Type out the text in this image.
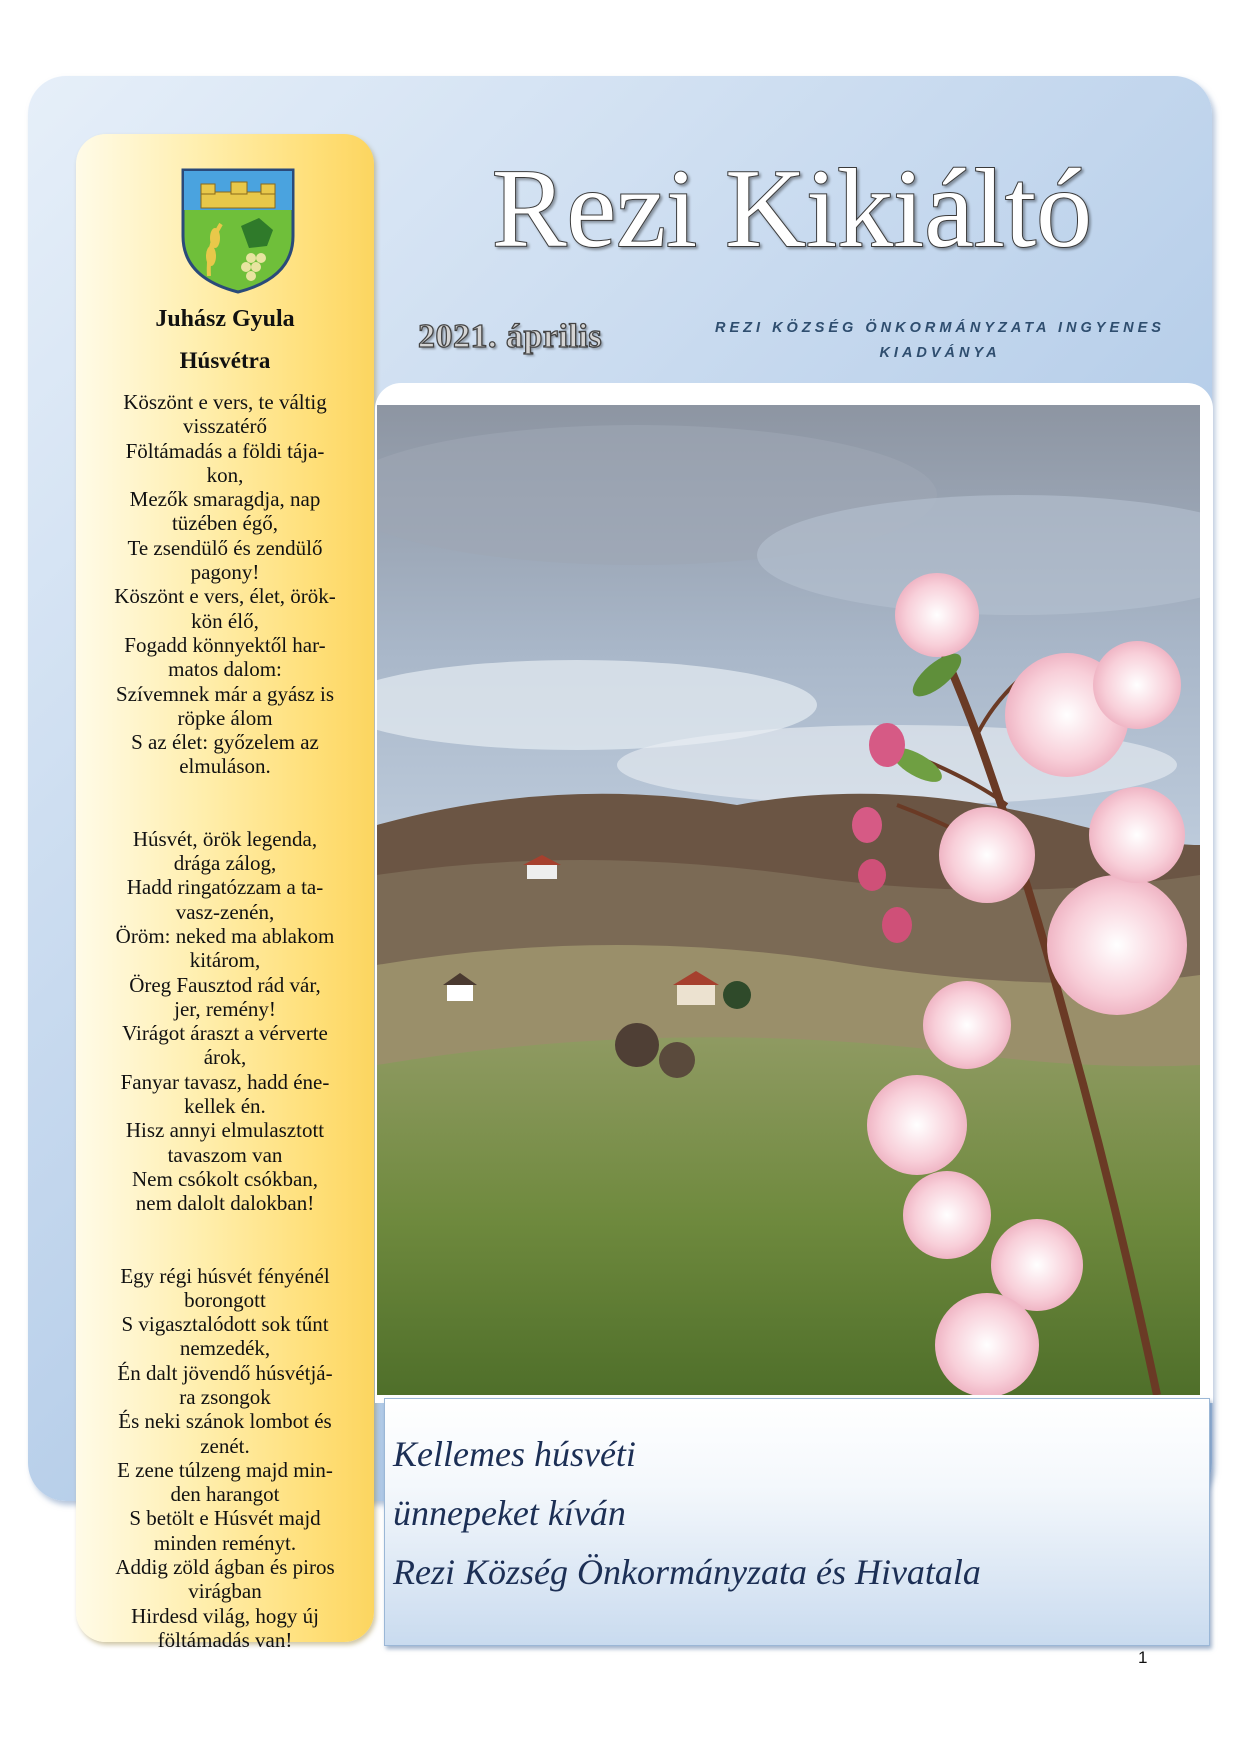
Juhász Gyula
Húsvétra
Köszönt e vers, te váltig
visszatérő
Föltámadás a földi tája-
kon,
Mezők smaragdja, nap
tüzében égő,
Te zsendülő és zendülő
pagony!
Köszönt e vers, élet, örök-
kön élő,
Fogadd könnyektől har-
matos dalom:
Szívemnek már a gyász is
röpke álom
S az élet: győzelem az
elmuláson.
Húsvét, örök legenda,
drága zálog,
Hadd ringatózzam a ta-
vasz-zenén,
Öröm: neked ma ablakom
kitárom,
Öreg Fausztod rád vár,
jer, remény!
Virágot áraszt a vérverte
árok,
Fanyar tavasz, hadd éne-
kellek én.
Hisz annyi elmulasztott
tavaszom van
Nem csókolt csókban,
nem dalolt dalokban!
Egy régi húsvét fényénél
borongott
S vigasztalódott sok tűnt
nemzedék,
Én dalt jövendő húsvétjá-
ra zsongok
És neki szánok lombot és
zenét.
E zene túlzeng majd min-
den harangot
S betölt e Húsvét majd
minden reményt.
Addig zöld ágban és piros
virágban
Hirdesd világ, hogy új
föltámadás van!
Rezi Kikiáltó
2021. április	REZI KÖZSÉG ÖNKORMÁNYZATA INGYENES KIADVÁNYA
Kellemes húsvéti
ünnepeket kíván
Rezi Község Önkormányzata és Hivatala
1
